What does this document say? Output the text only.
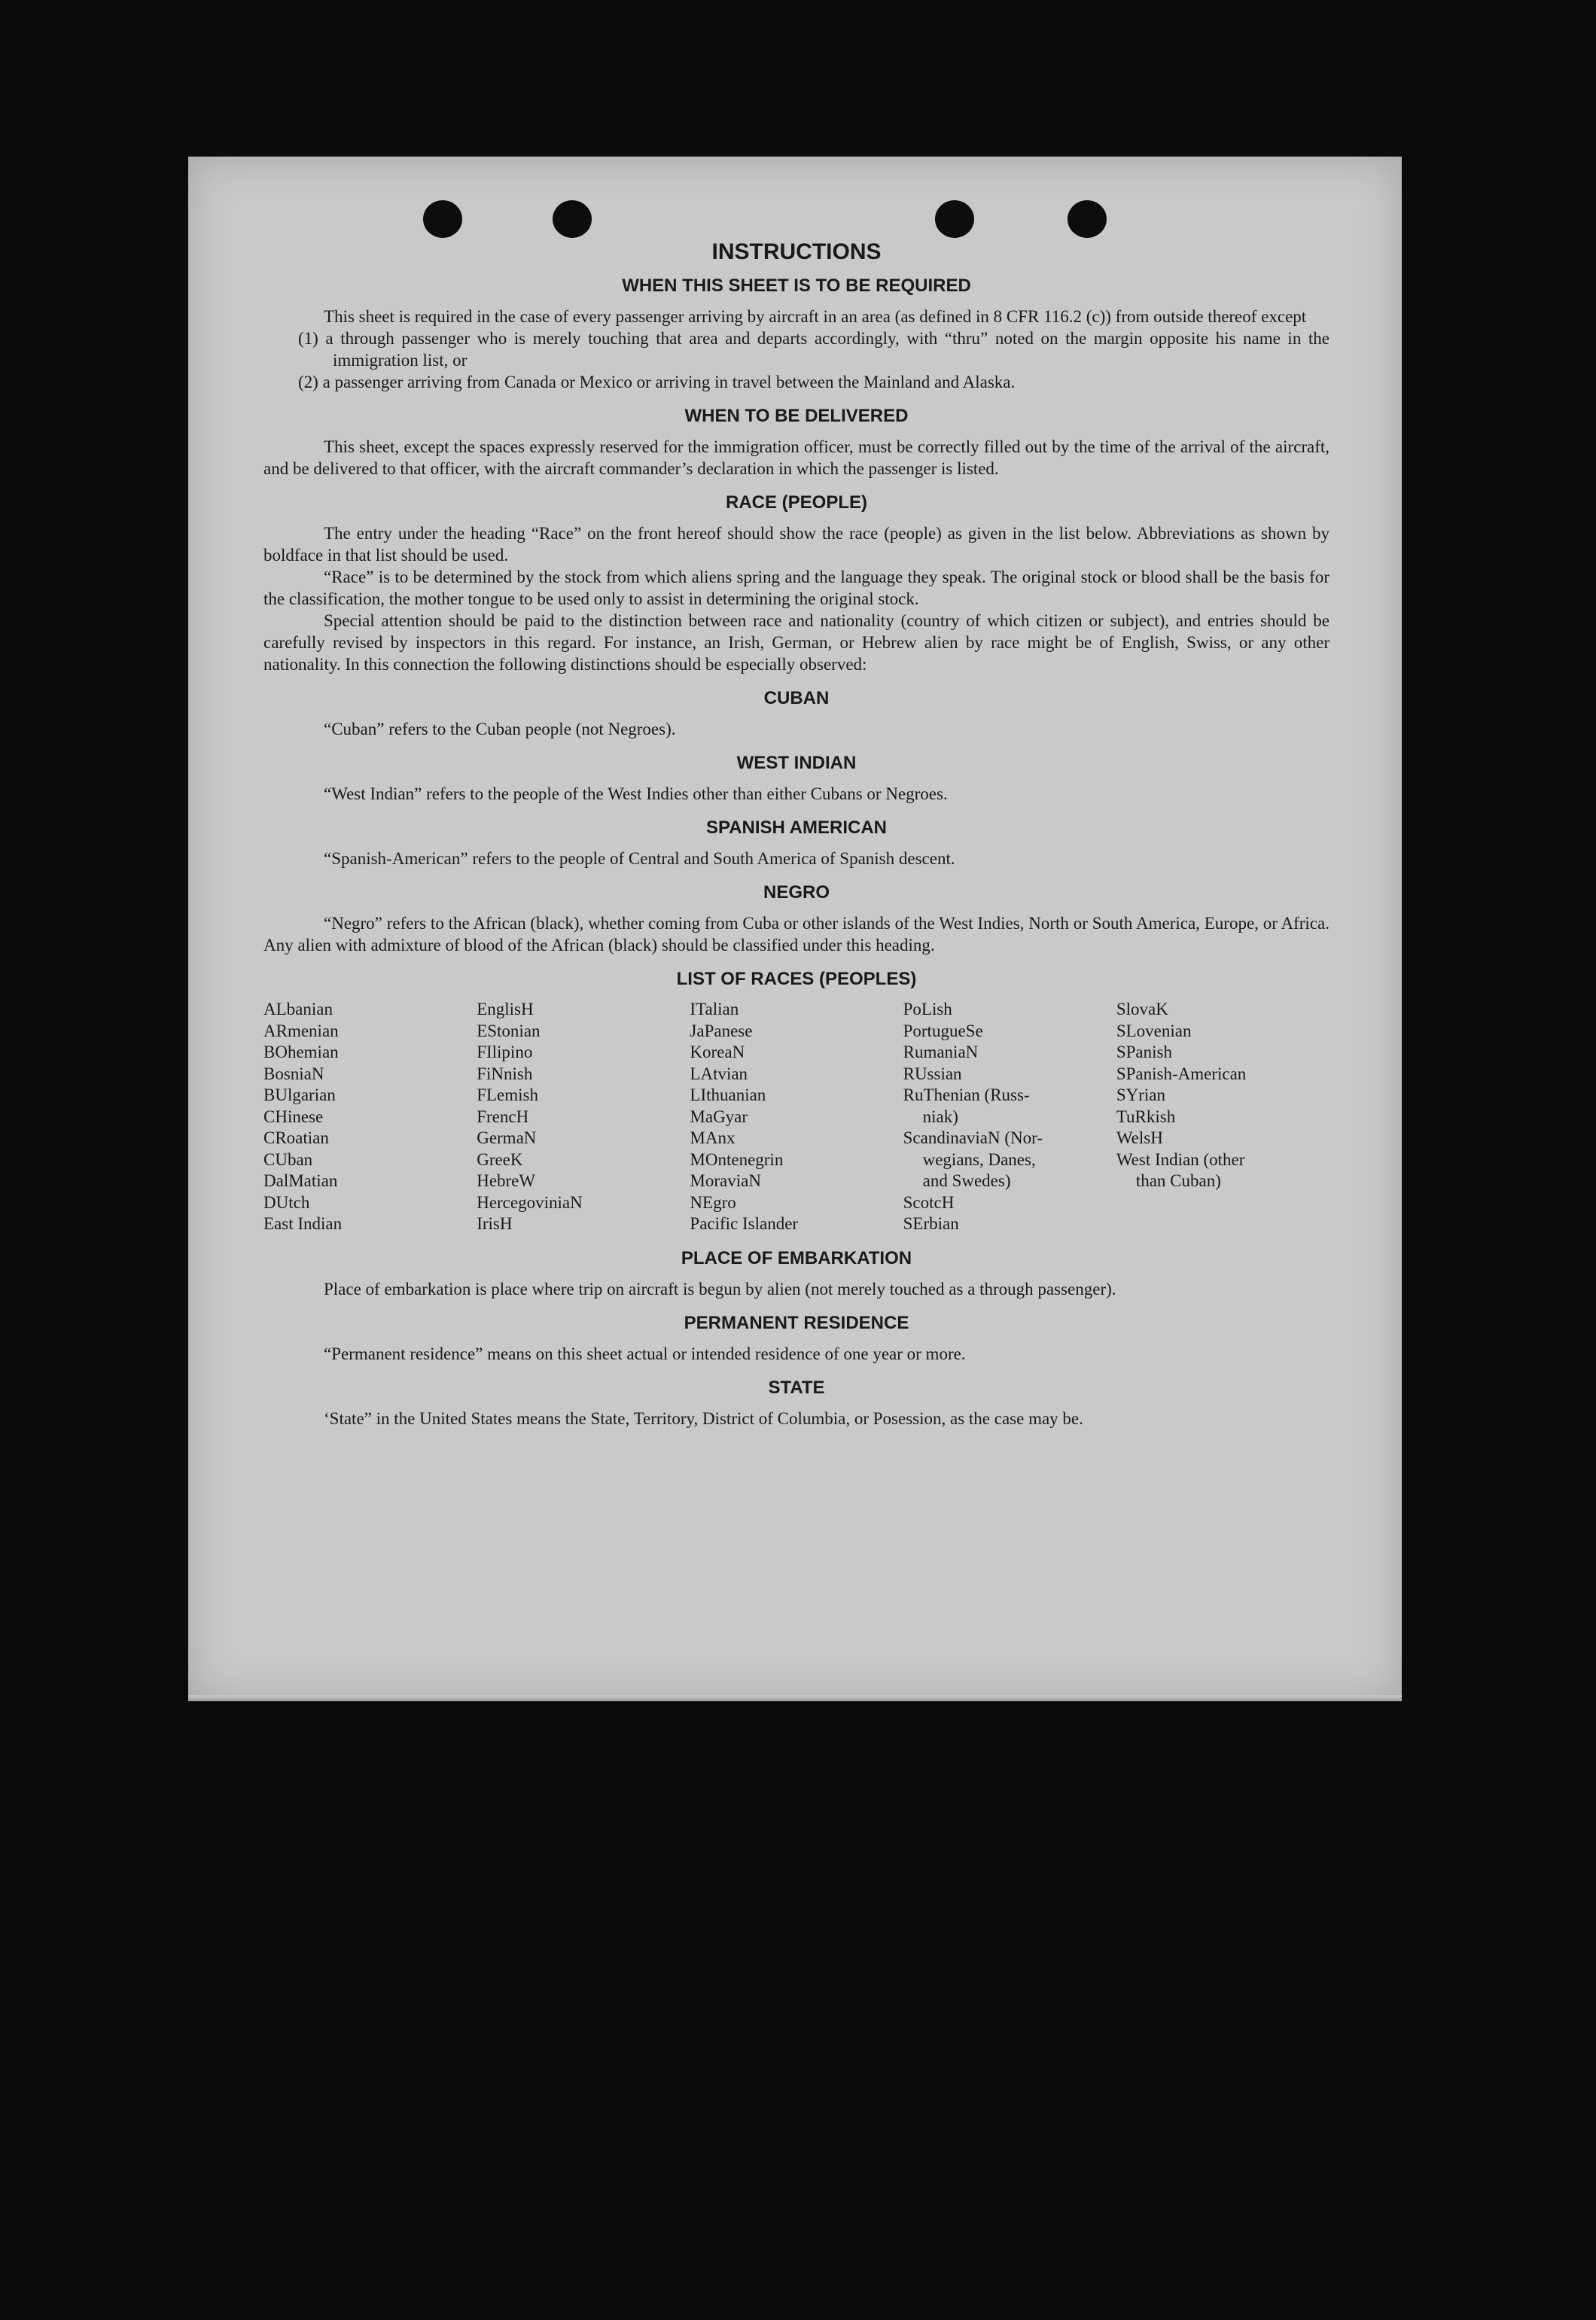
INSTRUCTIONS
WHEN THIS SHEET IS TO BE REQUIRED

This sheet is required in the case of every passenger arriving by aircraft in an area (as defined in 8 CFR 116.2 (c)) from outside thereof except

(1) a through passenger who is merely touching that area and departs accordingly, with “thru” noted on the margin opposite his name in the immigration list, or

(2) a passenger arriving from Canada or Mexico or arriving in travel between the Mainland and Alaska.

WHEN TO BE DELIVERED

This sheet, except the spaces expressly reserved for the immigration officer, must be correctly filled out by the time of the arrival of the aircraft, and be delivered to that officer, with the aircraft commander’s declaration in which the passenger is listed.

RACE (PEOPLE)

The entry under the heading “Race” on the front hereof should show the race (people) as given in the list below. Abbreviations as shown by boldface in that list should be used.

“Race” is to be determined by the stock from which aliens spring and the language they speak. The original stock or blood shall be the basis for the classification, the mother tongue to be used only to assist in determining the original stock.

Special attention should be paid to the distinction between race and nationality (country of which citizen or subject), and entries should be carefully revised by inspectors in this regard. For instance, an Irish, German, or Hebrew alien by race might be of English, Swiss, or any other nationality. In this connection the following distinctions should be especially observed:

CUBAN

“Cuban” refers to the Cuban people (not Negroes).

WEST INDIAN

“West Indian” refers to the people of the West Indies other than either Cubans or Negroes.

SPANISH AMERICAN

“Spanish-American” refers to the people of Central and South America of Spanish descent.

NEGRO

“Negro” refers to the African (black), whether coming from Cuba or other islands of the West Indies, North or South America, Europe, or Africa. Any alien with admixture of blood of the African (black) should be classified under this heading.

LIST OF RACES (PEOPLES)

ALbanian

ARmenian

BOhemian

BosniaN

BUlgarian

CHinese

CRoatian

CUban

DalMatian

DUtch

East Indian

EnglisH

EStonian

FIlipino

FiNnish

FLemish

FrencH

GermaN

GreeK

HebreW

HercegoviniaN

IrisH

ITalian

JaPanese

KoreaN

LAtvian

LIthuanian

MaGyar

MAnx

MOntenegrin

MoraviaN

NEgro

Pacific Islander

PoLish

PortugueSe

RumaniaN

RUssian

RuThenian (Russ-

niak)

ScandinaviaN (Nor-

wegians, Danes,

and Swedes)

ScotcH

SErbian

SlovaK

SLovenian

SPanish

SPanish-American

SYrian

TuRkish

WelsH

West Indian (other

than Cuban)

PLACE OF EMBARKATION

Place of embarkation is place where trip on aircraft is begun by alien (not merely touched as a through passenger).

PERMANENT RESIDENCE

“Permanent residence” means on this sheet actual or intended residence of one year or more.

STATE

‘State” in the United States means the State, Territory, District of Columbia, or Posession, as the case may be.
